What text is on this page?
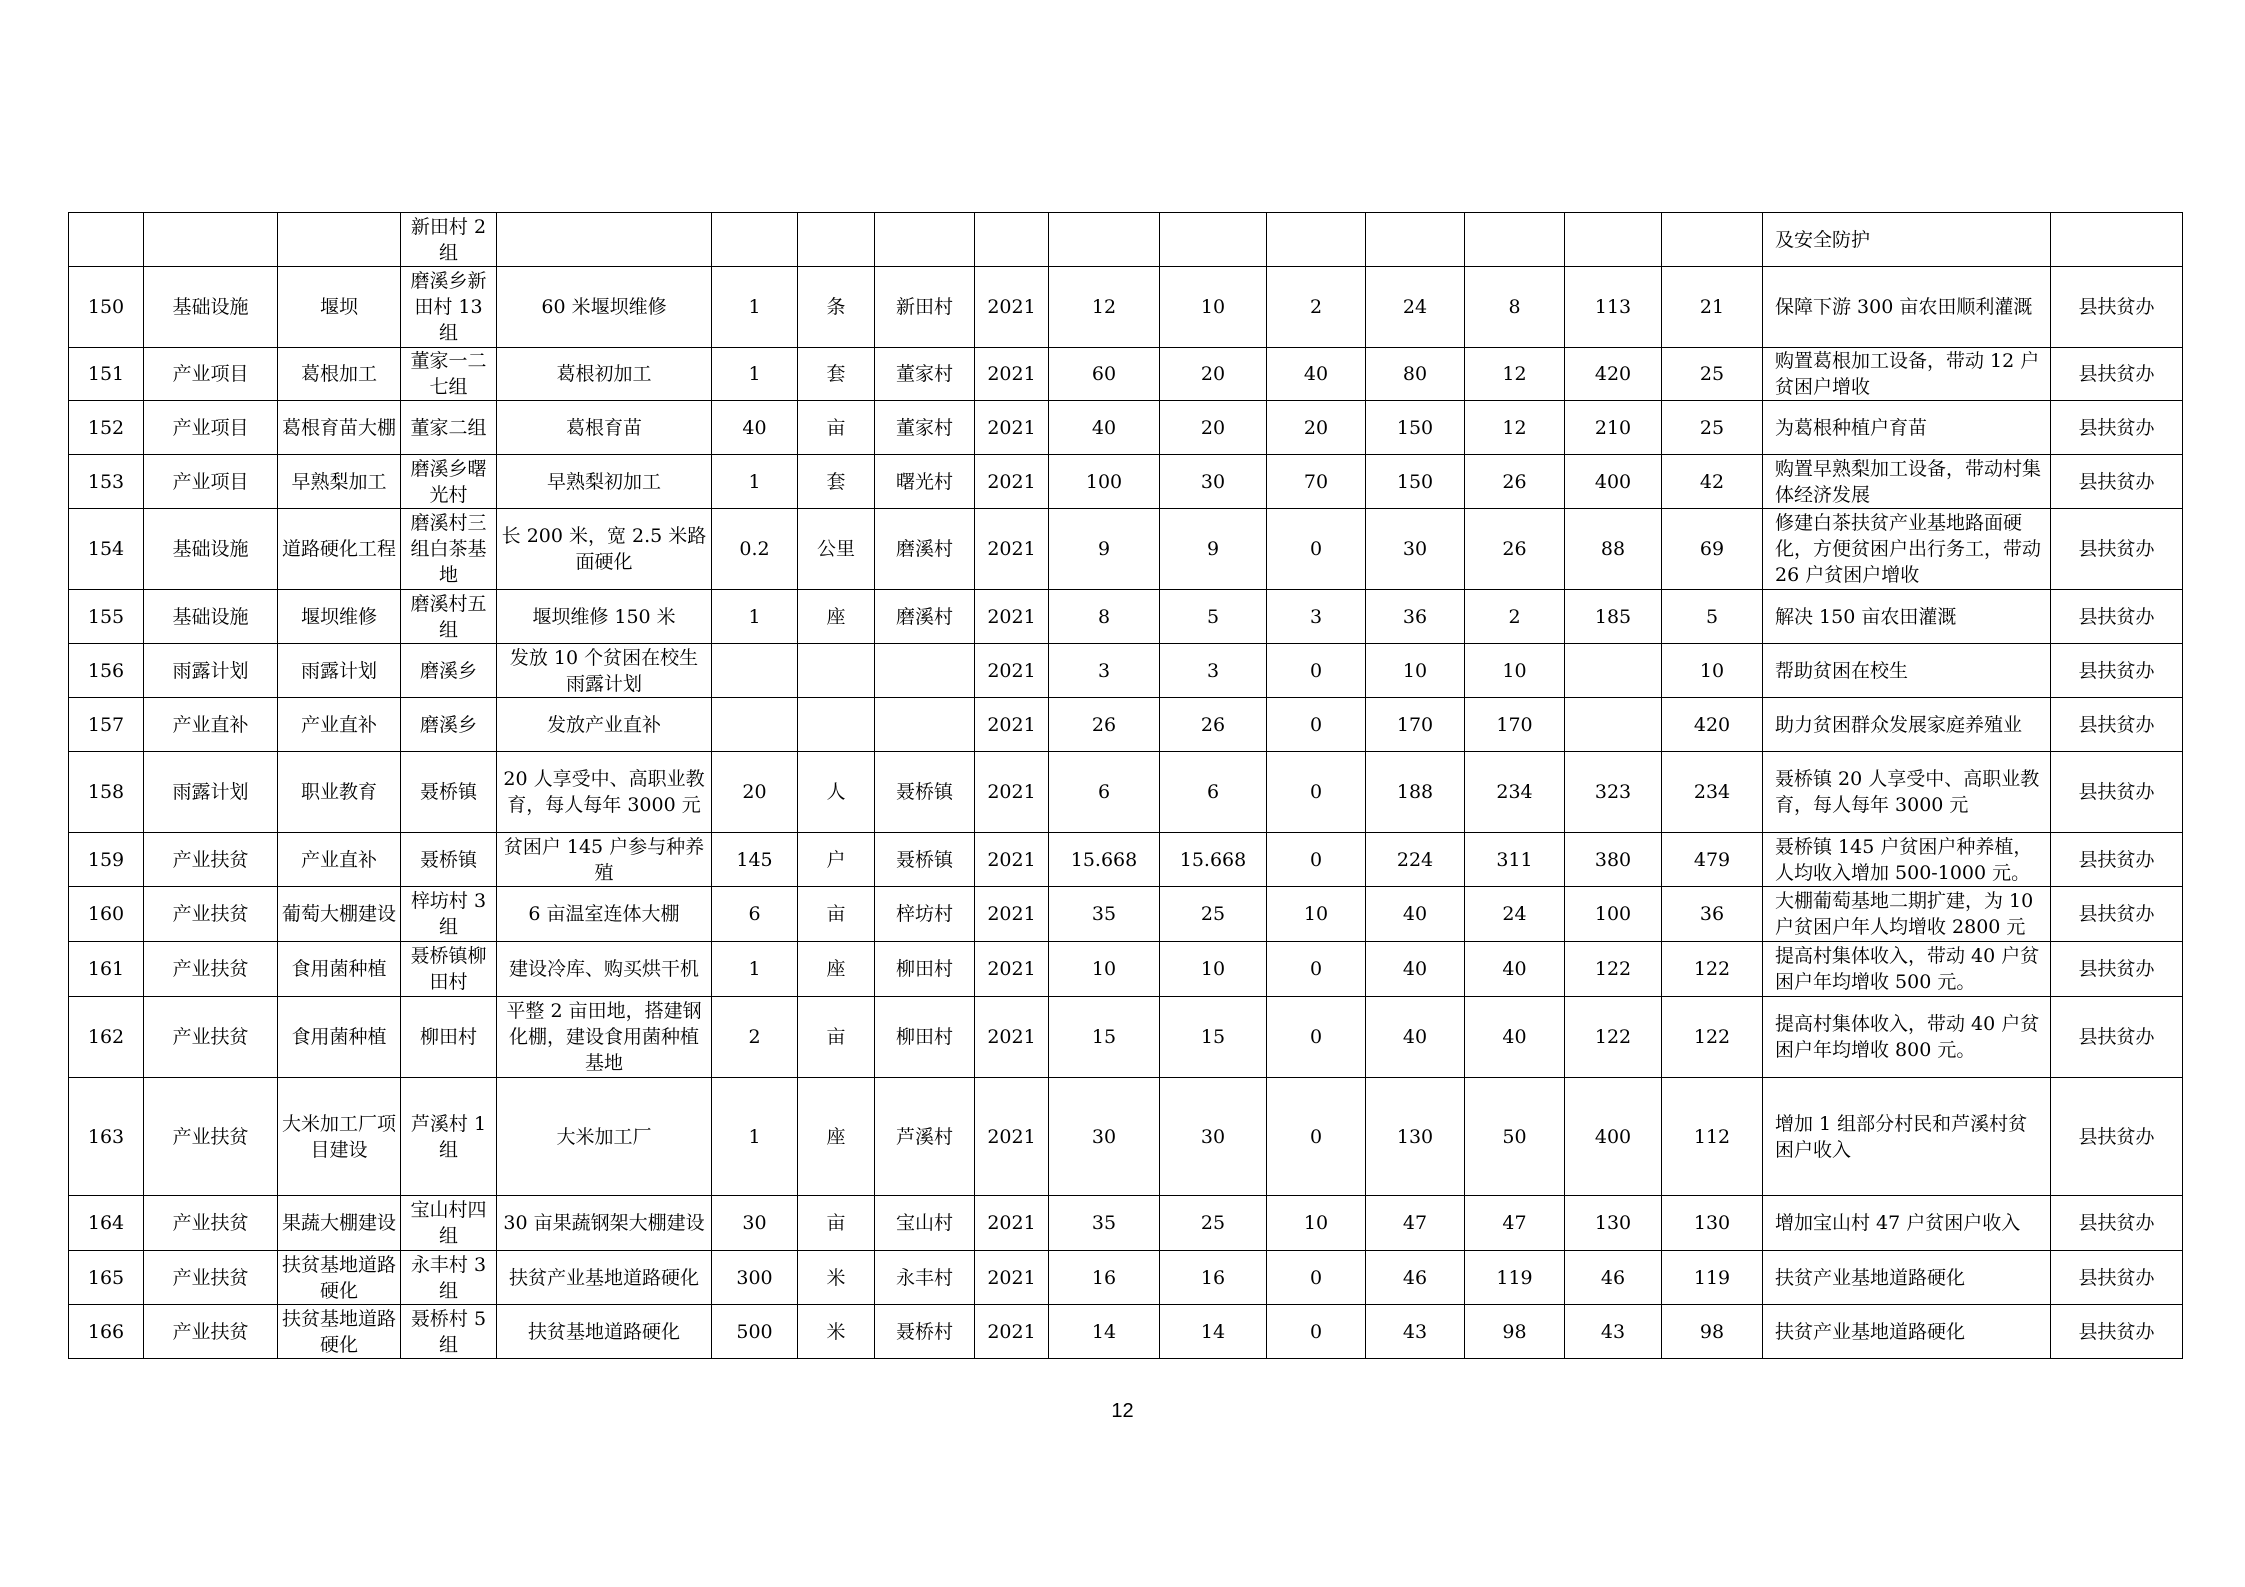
			新田村 2 组													及安全防护	
150	基础设施	堰坝	磨溪乡新田村 13 组	60 米堰坝维修	1	条	新田村	2021	12	10	2	24	8	113	21	保障下游 300 亩农田顺利灌溉	县扶贫办
151	产业项目	葛根加工	董家一二七组	葛根初加工	1	套	董家村	2021	60	20	40	80	12	420	25	购置葛根加工设备，带动 12 户贫困户增收	县扶贫办
152	产业项目	葛根育苗大棚	董家二组	葛根育苗	40	亩	董家村	2021	40	20	20	150	12	210	25	为葛根种植户育苗	县扶贫办
153	产业项目	早熟梨加工	磨溪乡曙光村	早熟梨初加工	1	套	曙光村	2021	100	30	70	150	26	400	42	购置早熟梨加工设备，带动村集体经济发展	县扶贫办
154	基础设施	道路硬化工程	磨溪村三组白茶基地	长 200 米，宽 2.5 米路面硬化	0.2	公里	磨溪村	2021	9	9	0	30	26	88	69	修建白茶扶贫产业基地路面硬化，方便贫困户出行务工，带动 26 户贫困户增收	县扶贫办
155	基础设施	堰坝维修	磨溪村五组	堰坝维修 150 米	1	座	磨溪村	2021	8	5	3	36	2	185	5	解决 150 亩农田灌溉	县扶贫办
156	雨露计划	雨露计划	磨溪乡	发放 10 个贫困在校生雨露计划				2021	3	3	0	10	10		10	帮助贫困在校生	县扶贫办
157	产业直补	产业直补	磨溪乡	发放产业直补				2021	26	26	0	170	170		420	助力贫困群众发展家庭养殖业	县扶贫办
158	雨露计划	职业教育	聂桥镇	20 人享受中、高职业教育，每人每年 3000 元	20	人	聂桥镇	2021	6	6	0	188	234	323	234	聂桥镇 20 人享受中、高职业教育，每人每年 3000 元	县扶贫办
159	产业扶贫	产业直补	聂桥镇	贫困户 145 户参与种养殖	145	户	聂桥镇	2021	15.668	15.668	0	224	311	380	479	聂桥镇 145 户贫困户种养植，人均收入增加 500-1000 元。	县扶贫办
160	产业扶贫	葡萄大棚建设	梓坊村 3 组	6 亩温室连体大棚	6	亩	梓坊村	2021	35	25	10	40	24	100	36	大棚葡萄基地二期扩建，为 10 户贫困户年人均增收 2800 元	县扶贫办
161	产业扶贫	食用菌种植	聂桥镇柳田村	建设冷库、购买烘干机	1	座	柳田村	2021	10	10	0	40	40	122	122	提高村集体收入，带动 40 户贫困户年均增收 500 元。	县扶贫办
162	产业扶贫	食用菌种植	柳田村	平整 2 亩田地，搭建钢化棚，建设食用菌种植基地	2	亩	柳田村	2021	15	15	0	40	40	122	122	提高村集体收入，带动 40 户贫困户年均增收 800 元。	县扶贫办
163	产业扶贫	大米加工厂项目建设	芦溪村 1 组	大米加工厂	1	座	芦溪村	2021	30	30	0	130	50	400	112	增加 1 组部分村民和芦溪村贫困户收入	县扶贫办
164	产业扶贫	果蔬大棚建设	宝山村四组	30 亩果蔬钢架大棚建设	30	亩	宝山村	2021	35	25	10	47	47	130	130	增加宝山村 47 户贫困户收入	县扶贫办
165	产业扶贫	扶贫基地道路硬化	永丰村 3 组	扶贫产业基地道路硬化	300	米	永丰村	2021	16	16	0	46	119	46	119	扶贫产业基地道路硬化	县扶贫办
166	产业扶贫	扶贫基地道路硬化	聂桥村 5 组	扶贫基地道路硬化	500	米	聂桥村	2021	14	14	0	43	98	43	98	扶贫产业基地道路硬化	县扶贫办
12
